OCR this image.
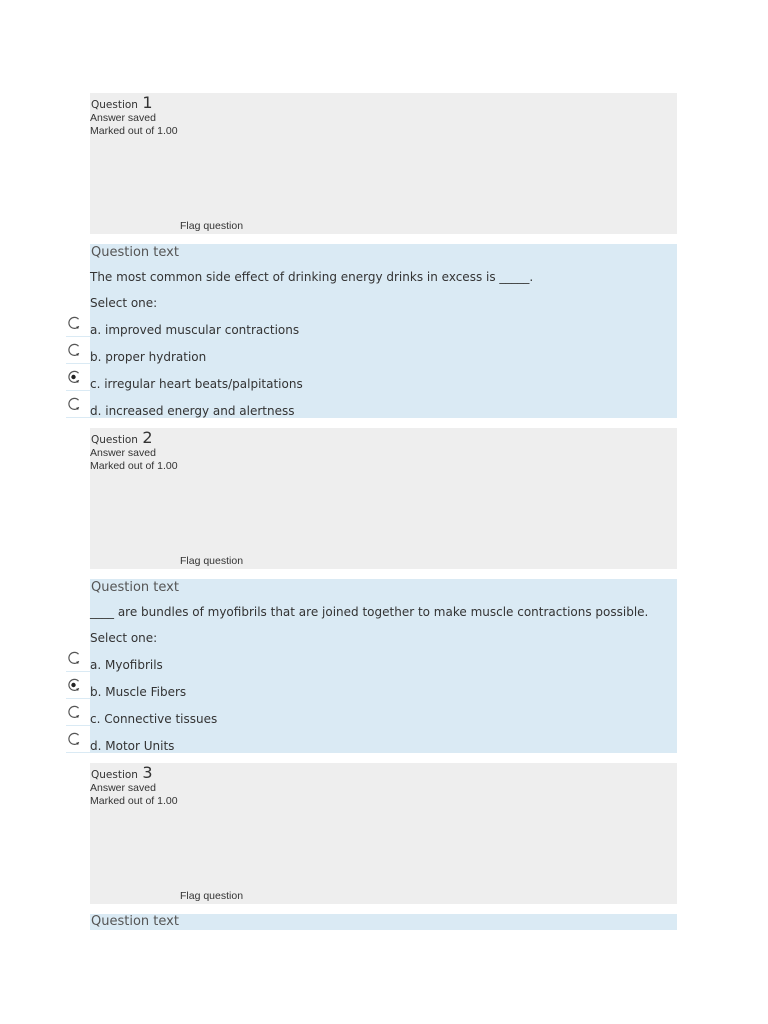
Question 1
Answer saved
Marked out of 1.00
Flag question
Question text
The most common side effect of drinking energy drinks in excess is _____.
Select one:
a. improved muscular contractions
b. proper hydration
c. irregular heart beats/palpitations
d. increased energy and alertness
Question 2
Answer saved
Marked out of 1.00
Flag question
Question text
____ are bundles of myofibrils that are joined together to make muscle contractions possible.
Select one:
a. Myofibrils
b. Muscle Fibers
c. Connective tissues
d. Motor Units
Question 3
Answer saved
Marked out of 1.00
Flag question
Question text
